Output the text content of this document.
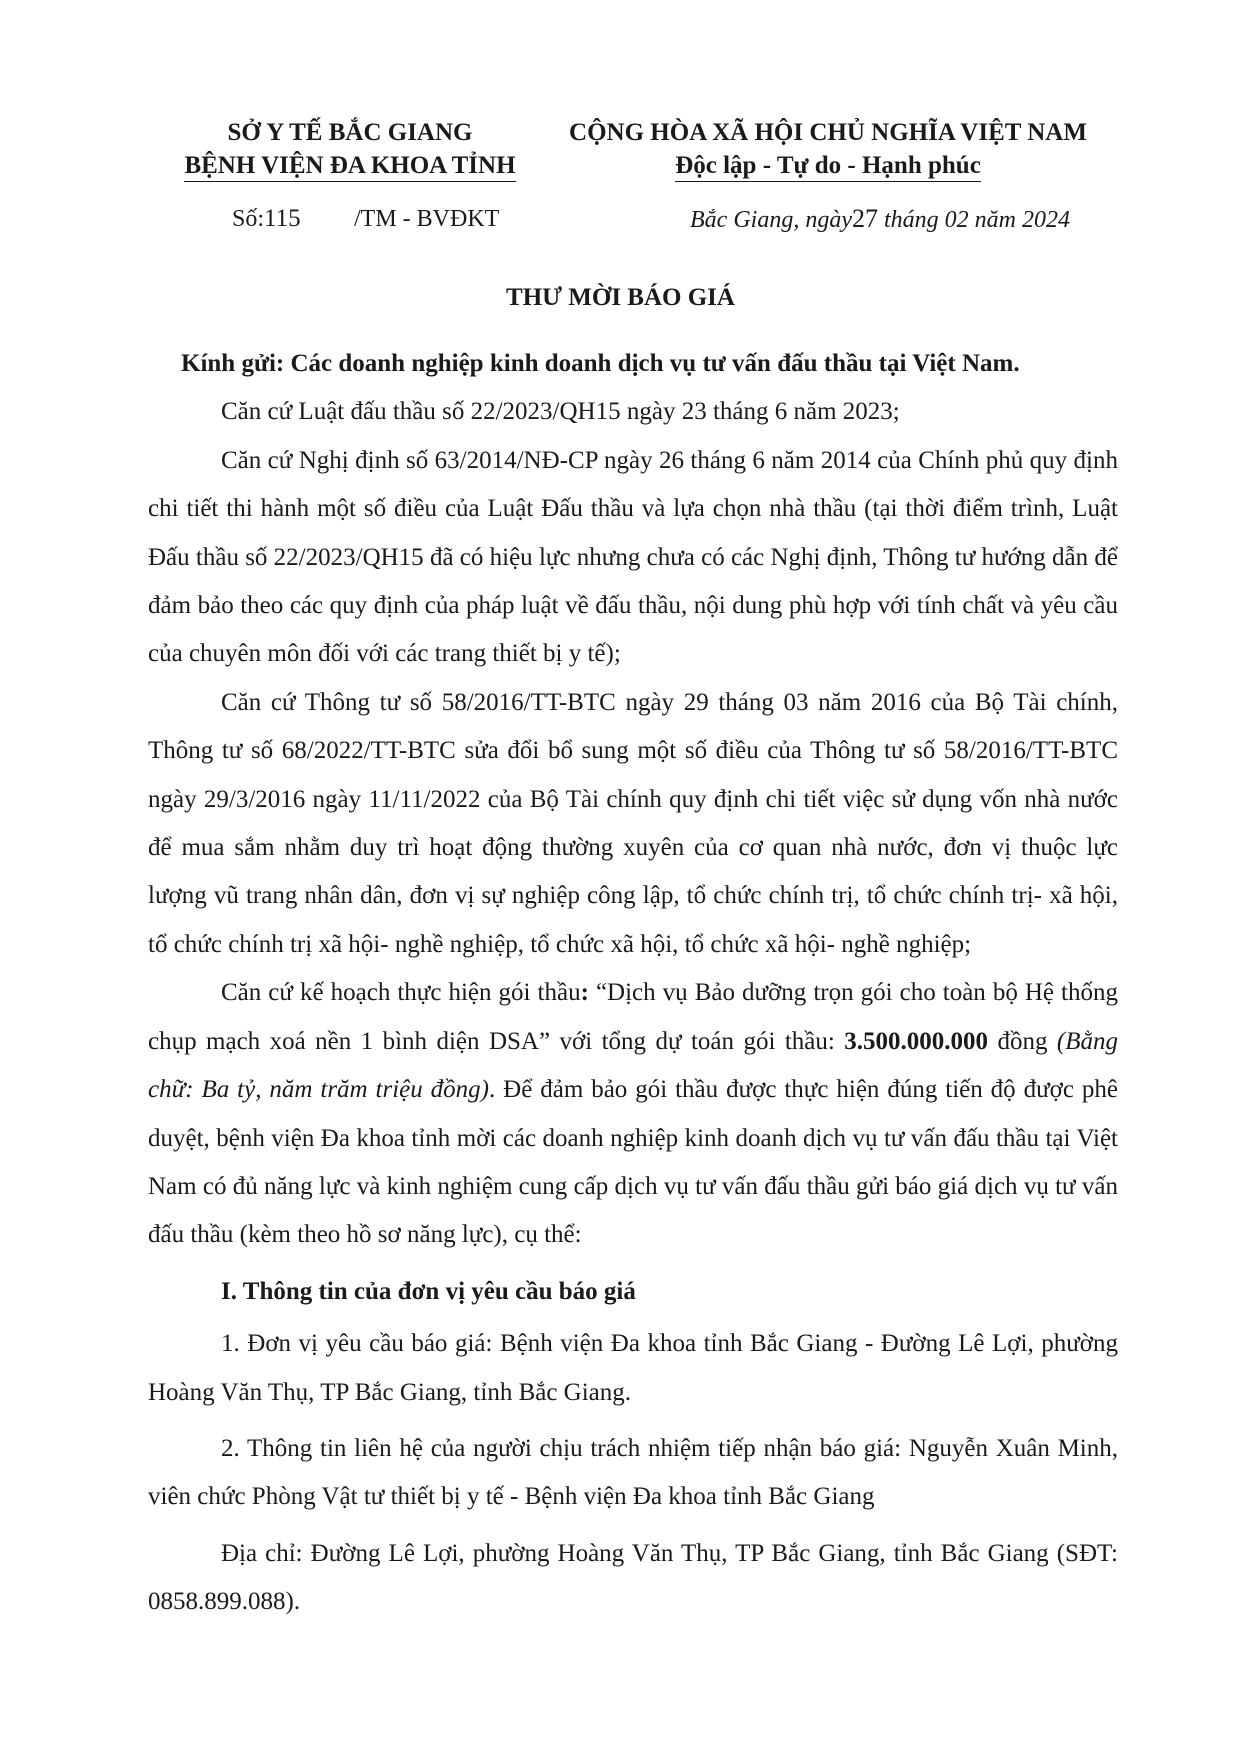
SỞ Y TẾ BẮC GIANG
BỆNH VIỆN ĐA KHOA TỈNH
CỘNG HÒA XÃ HỘI CHỦ NGHĨA VIỆT NAM
Độc lập - Tự do - Hạnh phúc
Số:115 /TM - BVĐKT	Bắc Giang, ngày27 tháng 02 năm 2024
THƯ MỜI BÁO GIÁ

Kính gửi: Các doanh nghiệp kinh doanh dịch vụ tư vấn đấu thầu tại Việt Nam.

Căn cứ Luật đấu thầu số 22/2023/QH15 ngày 23 tháng 6 năm 2023;

Căn cứ Nghị định số 63/2014/NĐ-CP ngày 26 tháng 6 năm 2014 của Chính phủ quy định chi tiết thi hành một số điều của Luật Đấu thầu và lựa chọn nhà thầu (tại thời điểm trình, Luật Đấu thầu số 22/2023/QH15 đã có hiệu lực nhưng chưa có các Nghị định, Thông tư hướng dẫn để đảm bảo theo các quy định của pháp luật về đấu thầu, nội dung phù hợp với tính chất và yêu cầu của chuyên môn đối với các trang thiết bị y tế);

Căn cứ Thông tư số 58/2016/TT-BTC ngày 29 tháng 03 năm 2016 của Bộ Tài chính, Thông tư số 68/2022/TT-BTC sửa đổi bổ sung một số điều của Thông tư số 58/2016/TT-BTC ngày 29/3/2016 ngày 11/11/2022 của Bộ Tài chính quy định chi tiết việc sử dụng vốn nhà nước để mua sắm nhằm duy trì hoạt động thường xuyên của cơ quan nhà nước, đơn vị thuộc lực lượng vũ trang nhân dân, đơn vị sự nghiệp công lập, tổ chức chính trị, tổ chức chính trị- xã hội, tổ chức chính trị xã hội- nghề nghiệp, tổ chức xã hội, tổ chức xã hội- nghề nghiệp;

Căn cứ kế hoạch thực hiện gói thầu: “Dịch vụ Bảo dưỡng trọn gói cho toàn bộ Hệ thống chụp mạch xoá nền 1 bình diện DSA” với tổng dự toán gói thầu: 3.500.000.000 đồng (Bằng chữ: Ba tỷ, năm trăm triệu đồng). Để đảm bảo gói thầu được thực hiện đúng tiến độ được phê duyệt, bệnh viện Đa khoa tỉnh mời các doanh nghiệp kinh doanh dịch vụ tư vấn đấu thầu tại Việt Nam có đủ năng lực và kinh nghiệm cung cấp dịch vụ tư vấn đấu thầu gửi báo giá dịch vụ tư vấn đấu thầu (kèm theo hồ sơ năng lực), cụ thể:

I. Thông tin của đơn vị yêu cầu báo giá

1. Đơn vị yêu cầu báo giá: Bệnh viện Đa khoa tỉnh Bắc Giang - Đường Lê Lợi, phường Hoàng Văn Thụ, TP Bắc Giang, tỉnh Bắc Giang.

2. Thông tin liên hệ của người chịu trách nhiệm tiếp nhận báo giá: Nguyễn Xuân Minh, viên chức Phòng Vật tư thiết bị y tế - Bệnh viện Đa khoa tỉnh Bắc Giang

Địa chỉ: Đường Lê Lợi, phường Hoàng Văn Thụ, TP Bắc Giang, tỉnh Bắc Giang (SĐT: 0858.899.088).
